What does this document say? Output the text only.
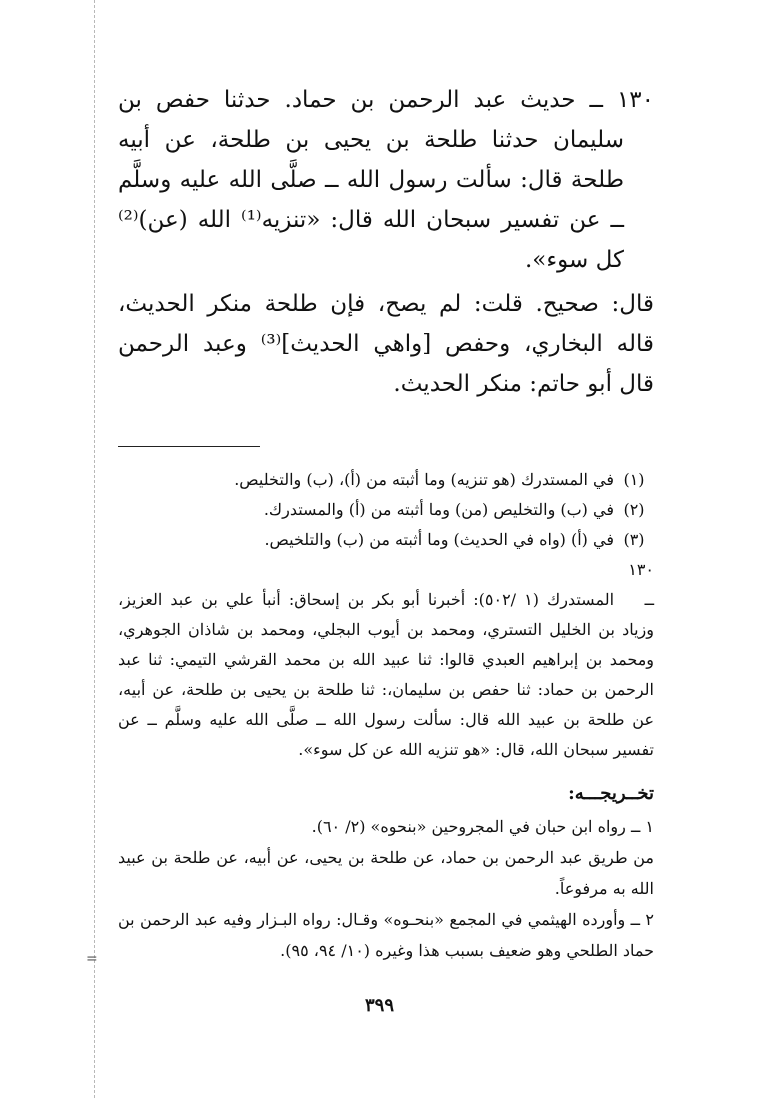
=

١٣٠ ــ حديث عبد الرحمن بن حماد. حدثنا حفص بن سليمان حدثنا طلحة بن يحيى بن طلحة، عن أبيه طلحة قال: سألت رسول الله ــ صلَّى الله عليه وسلَّم ــ عن تفسير سبحان الله قال: «تنزيه⁽¹⁾ الله (عن)⁽²⁾ كل سوء».

قال: صحيح. قلت: لم يصح، فإن طلحة منكر الحديث، قاله البخاري، وحفص [واهي الحديث]⁽³⁾ وعبد الرحمن قال أبو حاتم: منكر الحديث.

(١)
في المستدرك (هو تنزيه) وما أثبته من (أ)، (ب) والتخليص.
(٢)
في (ب) والتخليص (من) وما أثبته من (أ) والمستدرك.
(٣)
في (أ) (واه في الحديث) وما أثبته من (ب) والتلخيص.
١٣٠ ــالمستدرك (١ /٥٠٢): أخبرنا أبو بكر بن إسحاق: أنبأ علي بن عبد العزيز، وزياد بن الخليل التستري، ومحمد بن أيوب البجلي، ومحمد بن شاذان الجوهري، ومحمد بن إبراهيم العبدي قالوا: ثنا عبيد الله بن محمد القرشي التيمي: ثنا عبد الرحمن بن حماد: ثنا حفص بن سليمان،: ثنا طلحة بن يحيى بن طلحة، عن أبيه، عن طلحة بن عبيد الله قال: سألت رسول الله ــ صلَّى الله عليه وسلَّم ــ عن تفسير سبحان الله، قال: «هو تنزيه الله عن كل سوء».
تخــريجـــه:
١ ــ رواه ابن حبان في المجروحين «بنحوه» (٢/ ٦٠).
من طريق عبد الرحمن بن حماد، عن طلحة بن يحيى، عن أبيه، عن طلحة بن عبيد الله به مرفوعاً.
٢ ــ وأورده الهيثمي في المجمع «بنحـوه» وقـال: رواه البـزار وفيه عبد الرحمن بن حماد الطلحي وهو ضعيف بسبب هذا وغيره (١٠/ ٩٤، ٩٥).
٣٩٩
